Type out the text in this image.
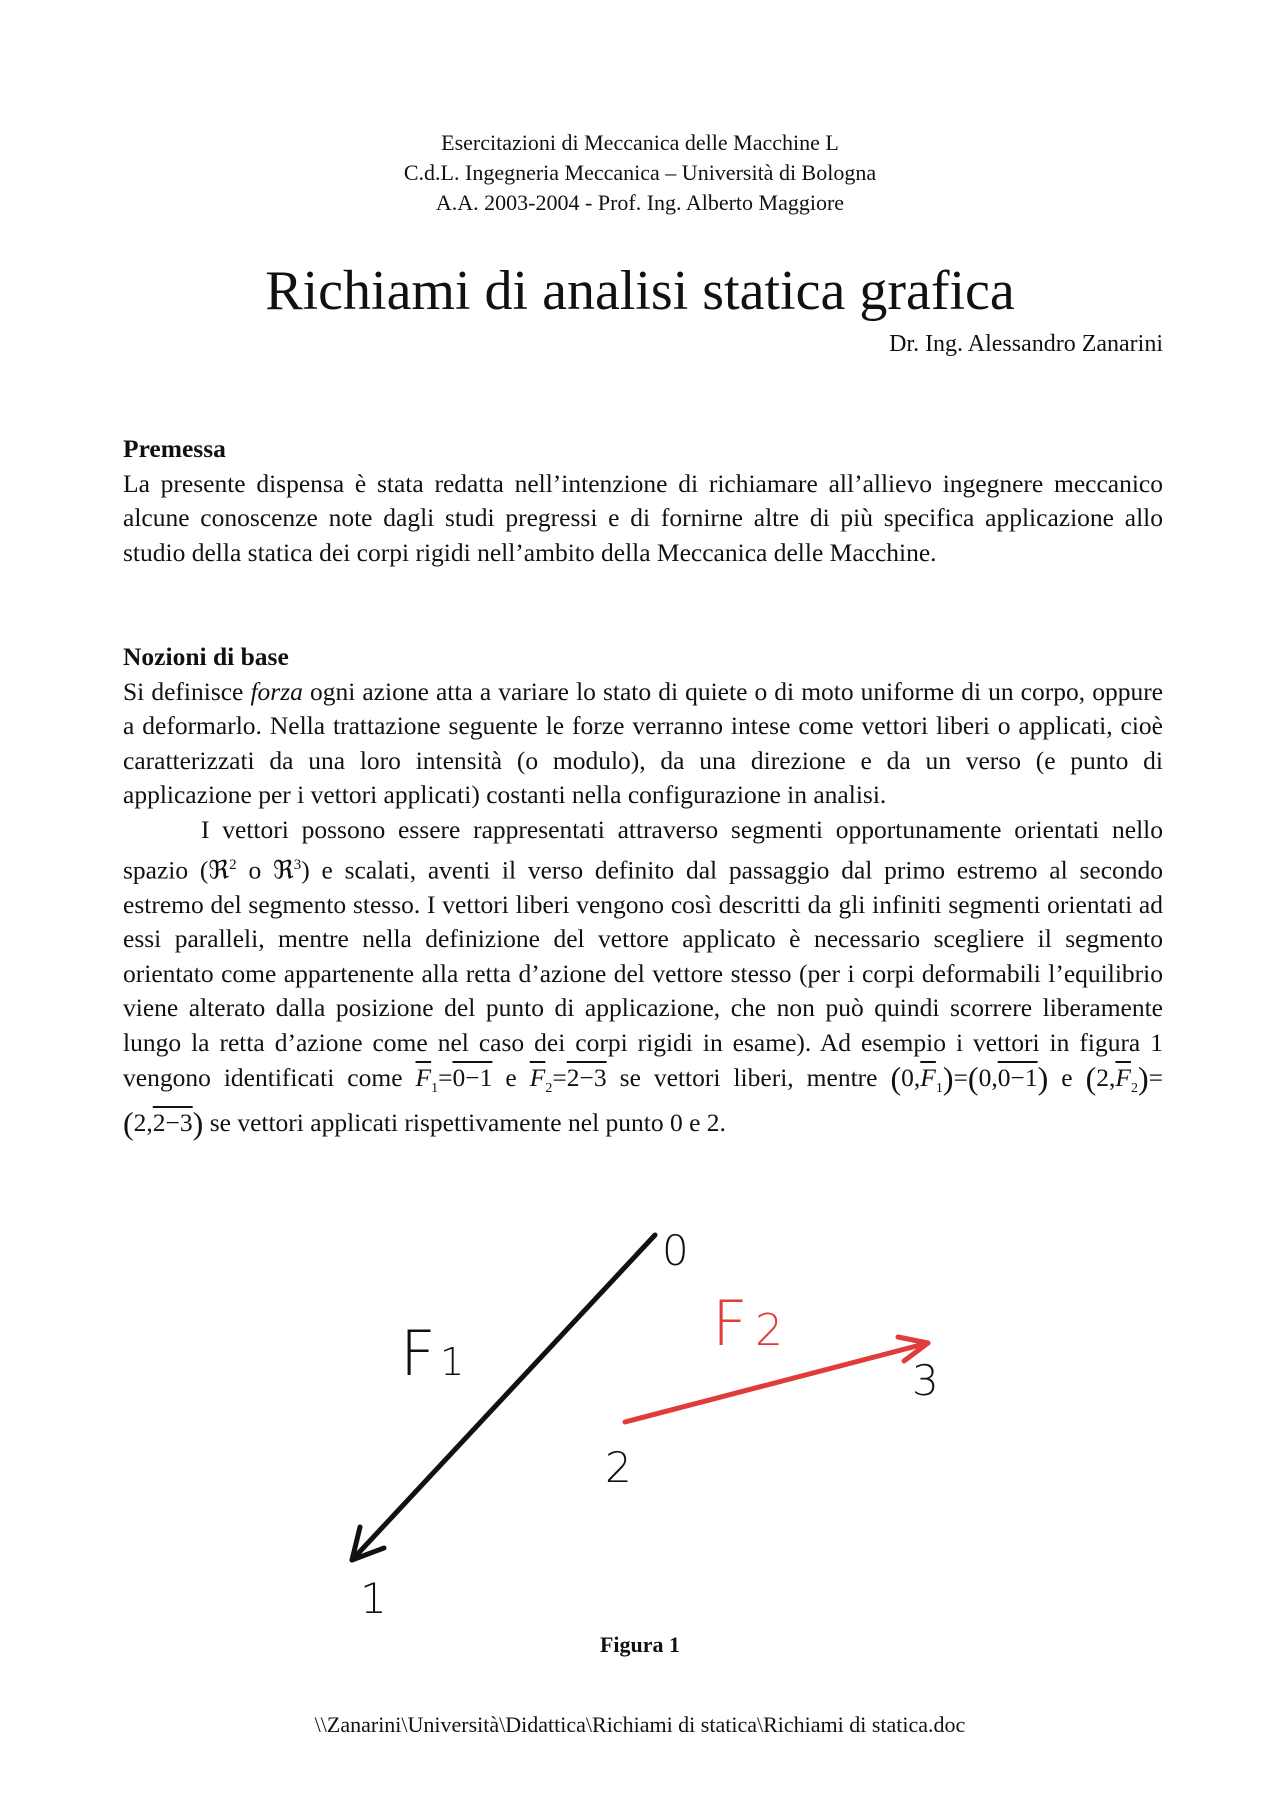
Esercitazioni di Meccanica delle Macchine L
C.d.L. Ingegneria Meccanica – Università di Bologna
A.A. 2003-2004 - Prof. Ing. Alberto Maggiore
Richiami di analisi statica grafica
Dr. Ing. Alessandro Zanarini

Premessa

La presente dispensa è stata redatta nell’intenzione di richiamare all’allievo ingegnere meccanico alcune conoscenze note dagli studi pregressi e di fornirne altre di più specifica applicazione allo studio della statica dei corpi rigidi nell’ambito della Meccanica delle Macchine.

Nozioni di base

Si definisce forza ogni azione atta a variare lo stato di quiete o di moto uniforme di un corpo, oppure a deformarlo. Nella trattazione seguente le forze verranno intese come vettori liberi o applicati, cioè caratterizzati da una loro intensità (o modulo), da una direzione e da un verso (e punto di applicazione per i vettori applicati) costanti nella configurazione in analisi.

I vettori possono essere rappresentati attraverso segmenti opportunamente orientati nello spazio (ℜ$^2$ o ℜ$^3$) e scalati, aventi il verso definito dal passaggio dal primo estremo al secondo estremo del segmento stesso. I vettori liberi vengono così descritti da gli infiniti segmenti orientati ad essi paralleli, mentre nella definizione del vettore applicato è necessario scegliere il segmento orientato come appartenente alla retta d’azione del vettore stesso (per i corpi deformabili l’equilibrio viene alterato dalla posizione del punto di applicazione, che non può quindi scorrere liberamente lungo la retta d’azione come nel caso dei corpi rigidi in esame). Ad esempio i vettori in figura 1 vengono identificati come $\overline{F}_1=0-1$ e $\overline{F}_2=2-3$ se vettori liberi, mentre $(0,\overline{F}_1)=(0,0-1)$ e $(2,\overline{F}_2)=(2,2-3)$ se vettori applicati rispettivamente nel punto 0 e 2.

F 1
F 2
0
1
2
3
Figura 1
\\Zanarini\Università\Didattica\Richiami di statica\Richiami di statica.doc
